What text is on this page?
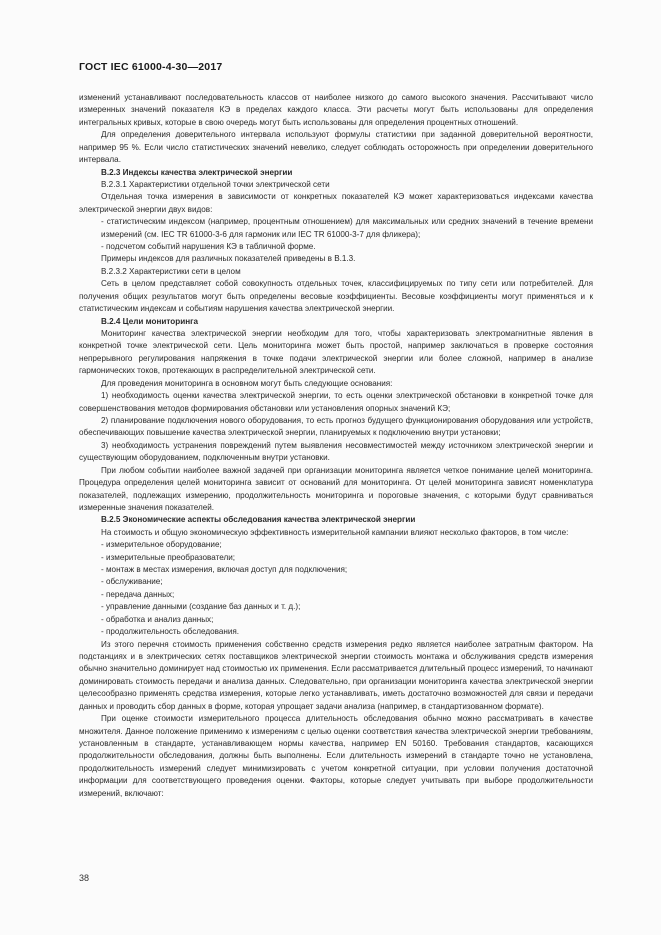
ГОСТ IEC 61000-4-30—2017

изменений устанавливают последовательность классов от наиболее низкого до самого высокого значения. Рассчитывают число измеренных значений показателя КЭ в пределах каждого класса. Эти расчеты могут быть использованы для определения интегральных кривых, которые в свою очередь могут быть использованы для определения процентных отношений.

Для определения доверительного интервала используют формулы статистики при заданной доверительной вероятности, например 95 %. Если число статистических значений невелико, следует соблюдать осторожность при определении доверительного интервала.

В.2.3 Индексы качества электрической энергии

В.2.3.1 Характеристики отдельной точки электрической сети

Отдельная точка измерения в зависимости от конкретных показателей КЭ может характеризоваться индексами качества электрической энергии двух видов:

- статистическим индексом (например, процентным отношением) для максимальных или средних значений в течение времени измерений (см. IEC TR 61000-3-6 для гармоник или IEC TR 61000-3-7 для фликера);

- подсчетом событий нарушения КЭ в табличной форме.

Примеры индексов для различных показателей приведены в В.1.3.

В.2.3.2 Характеристики сети в целом

Сеть в целом представляет собой совокупность отдельных точек, классифицируемых по типу сети или потребителей. Для получения общих результатов могут быть определены весовые коэффициенты. Весовые коэффициенты могут применяться и к статистическим индексам и событиям нарушения качества электрической энергии.

В.2.4 Цели мониторинга

Мониторинг качества электрической энергии необходим для того, чтобы характеризовать электромагнитные явления в конкретной точке электрической сети. Цель мониторинга может быть простой, например заключаться в проверке состояния непрерывного регулирования напряжения в точке подачи электрической энергии или более сложной, например в анализе гармонических токов, протекающих в распределительной электрической сети.

Для проведения мониторинга в основном могут быть следующие основания:

1) необходимость оценки качества электрической энергии, то есть оценки электрической обстановки в конкретной точке для совершенствования методов формирования обстановки или установления опорных значений КЭ;

2) планирование подключения нового оборудования, то есть прогноз будущего функционирования оборудования или устройств, обеспечивающих повышение качества электрической энергии, планируемых к подключению внутри установки;

3) необходимость устранения повреждений путем выявления несовместимостей между источником электрической энергии и существующим оборудованием, подключенным внутри установки.

При любом событии наиболее важной задачей при организации мониторинга является четкое понимание целей мониторинга. Процедура определения целей мониторинга зависит от оснований для мониторинга. От целей мониторинга зависят номенклатура показателей, подлежащих измерению, продолжительность мониторинга и пороговые значения, с которыми будут сравниваться измеренные значения показателей.

В.2.5 Экономические аспекты обследования качества электрической энергии

На стоимость и общую экономическую эффективность измерительной кампании влияют несколько факторов, в том числе:

- измерительное оборудование;

- измерительные преобразователи;

- монтаж в местах измерения, включая доступ для подключения;

- обслуживание;

- передача данных;

- управление данными (создание баз данных и т. д.);

- обработка и анализ данных;

- продолжительность обследования.

Из этого перечня стоимость применения собственно средств измерения редко является наиболее затратным фактором. На подстанциях и в электрических сетях поставщиков электрической энергии стоимость монтажа и обслуживания средств измерения обычно значительно доминирует над стоимостью их применения. Если рассматривается длительный процесс измерений, то начинают доминировать стоимость передачи и анализа данных. Следовательно, при организации мониторинга качества электрической энергии целесообразно применять средства измерения, которые легко устанавливать, иметь достаточно возможностей для связи и передачи данных и проводить сбор данных в форме, которая упрощает задачи анализа (например, в стандартизованном формате).

При оценке стоимости измерительного процесса длительность обследования обычно можно рассматривать в качестве множителя. Данное положение применимо к измерениям с целью оценки соответствия качества электрической энергии требованиям, установленным в стандарте, устанавливающем нормы качества, например EN 50160. Требования стандартов, касающихся продолжительности обследования, должны быть выполнены. Если длительность измерений в стандарте точно не установлена, продолжительность измерений следует минимизировать с учетом конкретной ситуации, при условии получения достаточной информации для соответствующего проведения оценки. Факторы, которые следует учитывать при выборе продолжительности измерений, включают:

38
